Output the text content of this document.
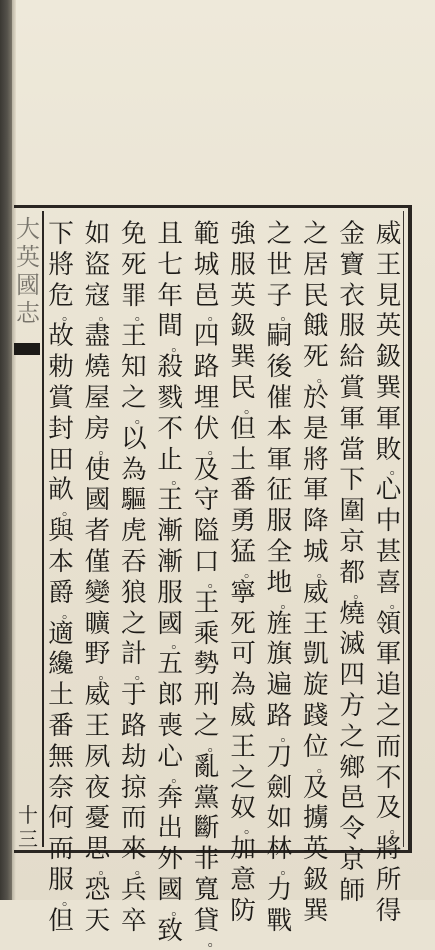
大
英
國
志
十
三
威
王
見
英
鈒
巽
軍
敗
。
心
中
甚
喜
。
領
軍
追
之
而
不
及
。
將
所
得
金
寶
衣
服
給
賞
軍
當
下
圍
京
都
。
燒
滅
四
方
之
鄉
邑
令
京
師
之
居
民
餓
死
。
於
是
將
軍
降
城
。
威
王
凱
旋
踐
位
。
及
擄
英
鈒
巽
之
世
子
。
嗣
後
催
本
軍
征
服
全
地
。
旌
旗
遍
路
。
刀
劍
如
林
。
力
戰
強
服
英
鈒
巽
民
。
但
土
番
勇
猛
。
寧
死
可
為
威
王
之
奴
。
加
意
防
範
城
邑
。
四
路
埋
伏
。
及
守
隘
口
。
王
乘
勢
刑
之
。
亂
黨
斷
非
寬
貸
。
且
七
年
間
。
殺
戮
不
止
。
王
漸
漸
服
國
。
五
郎
喪
心
。
奔
出
外
國
。
致
免
死
罪
。
王
知
之
。
以
為
驅
虎
吞
狼
之
計
。
于
路
劫
掠
而
來
。
兵
卒
如
盜
寇
。
盡
燒
屋
房
。
使
國
者
僅
變
曠
野
。
威
王
夙
夜
憂
思
。
恐
天
下
將
危
。
故
勅
賞
封
田
畝
。
與
本
爵
。
適
纔
土
番
無
奈
何
而
服
。
但
